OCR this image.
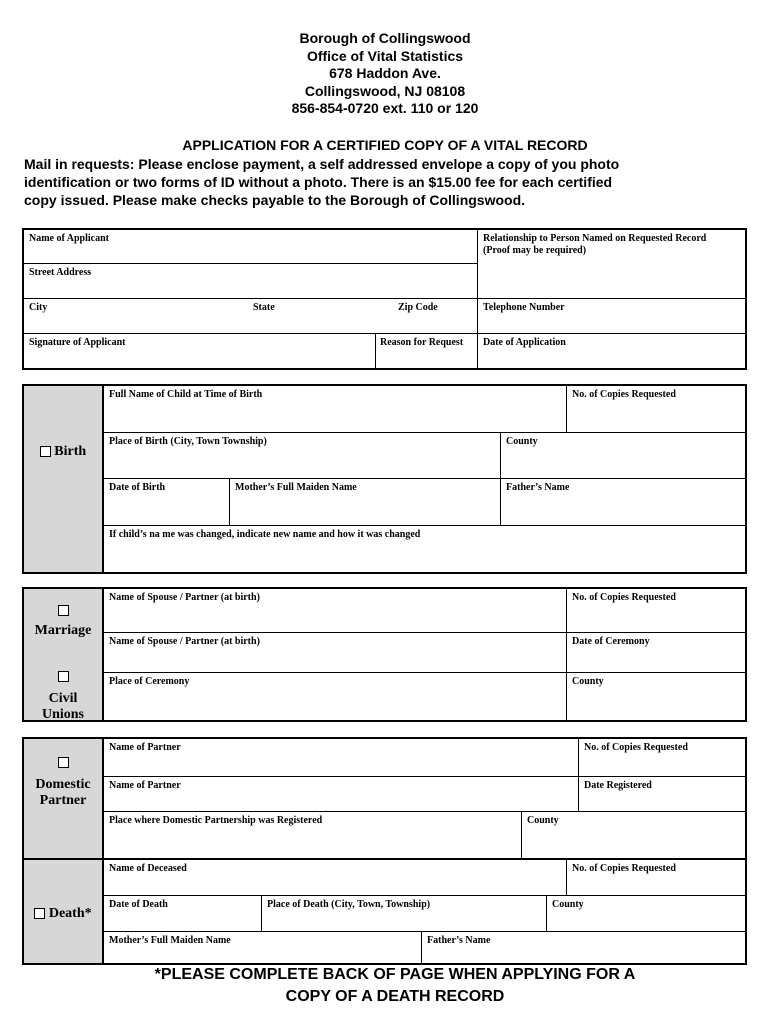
Borough of Collingswood
Office of Vital Statistics
678 Haddon Ave.
Collingswood, NJ 08108
856-854-0720 ext. 110 or 120
APPLICATION FOR A CERTIFIED COPY OF A VITAL RECORD
Mail in requests: Please enclose payment, a self addressed envelope a copy of you photo
identification or two forms of ID without a photo. There is an $15.00 fee for each certified
copy issued. Please make checks payable to the Borough of Collingswood.
Name of Applicant	Relationship to Person Named on Requested Record
(Proof may be required)
Street Address
City	State	Zip Code	Telephone Number
Signature of Applicant	Reason for Request	Date of Application
Birth
Full Name of Child at Time of Birth	No. of Copies Requested
Place of Birth (City, Town Township)	County
Date of Birth	Mother’s Full Maiden Name	Father’s Name
If child’s na me was changed, indicate new name and how it was changed
Marriage
Civil
Unions
Name of Spouse / Partner (at birth)	No. of Copies Requested
Name of Spouse / Partner (at birth)	Date of Ceremony
Place of Ceremony	County
Domestic
Partner
Name of Partner	No. of Copies Requested
Name of Partner	Date Registered
Place where Domestic Partnership was Registered	County
Death*
Name of Deceased	No. of Copies Requested
Date of Death	Place of Death (City, Town, Township)	County
Mother’s Full Maiden Name	Father’s Name
*PLEASE COMPLETE BACK OF PAGE WHEN APPLYING FOR A
COPY OF A DEATH RECORD
